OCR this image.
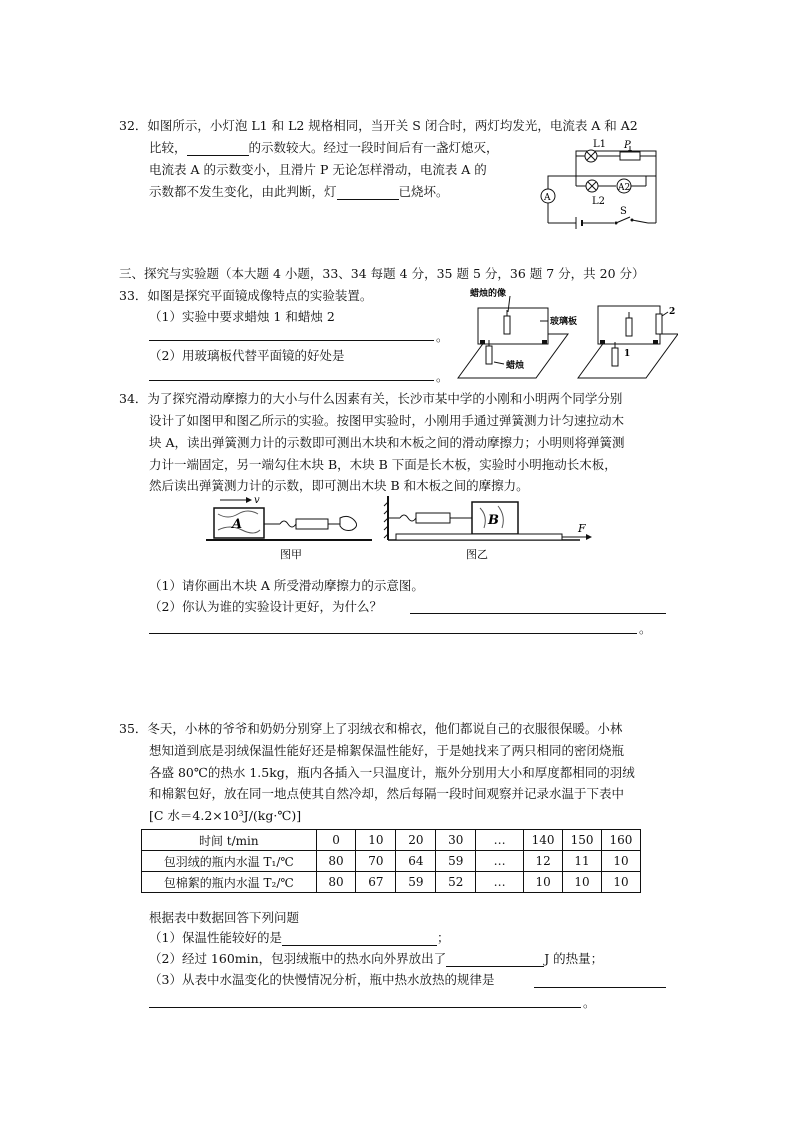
32．如图所示，小灯泡 L1 和 L2 规格相同，当开关 S 闭合时，两灯均发光，电流表 A 和 A2
比较，	的示数较大。经过一段时间后有一盏灯熄灭，
电流表 A 的示数变小，且滑片 P 无论怎样滑动，电流表 A 的
示数都不发生变化，由此判断，灯	已烧坏。
L1 P
A2
L2
A
S
三、探究与实验题（本大题 4 小题，33、34 每题 4 分，35 题 5 分，36 题 7 分，共 20 分）
33．如图是探究平面镜成像特点的实验装置。
（1）实验中要求蜡烛 1 和蜡烛 2
。
（2）用玻璃板代替平面镜的好处是
。
蜡烛的像
玻璃板
蜡烛
2
1
34．为了探究滑动摩擦力的大小与什么因素有关，长沙市某中学的小刚和小明两个同学分别
设计了如图甲和图乙所示的实验。按图甲实验时，小刚用手通过弹簧测力计匀速拉动木
块 A，读出弹簧测力计的示数即可测出木块和木板之间的滑动摩擦力；小明则将弹簧测
力计一端固定，另一端勾住木块 B，木块 B 下面是长木板，实验时小明拖动长木板，
然后读出弹簧测力计的示数，即可测出木块 B 和木板之间的摩擦力。
v
A
图甲
B
F
图乙
（1）请你画出木块 A 所受滑动摩擦力的示意图。
（2）你认为谁的实验设计更好，为什么？
。
35．冬天，小林的爷爷和奶奶分别穿上了羽绒衣和棉衣，他们都说自己的衣服很保暖。小林
想知道到底是羽绒保温性能好还是棉絮保温性能好，于是她找来了两只相同的密闭烧瓶
各盛 80℃的热水 1.5kg，瓶内各插入一只温度计，瓶外分别用大小和厚度都相同的羽绒
和棉絮包好，放在同一地点使其自然冷却，然后每隔一段时间观察并记录水温于下表中
[C 水＝4.2×10³J/(kg·℃)]
时间 t/min	0	10	20	30	…	140	150	160
包羽绒的瓶内水温 T₁/℃	80	70	64	59	…	12	11	10
包棉絮的瓶内水温 T₂/℃	80	67	59	52	…	10	10	10
根据表中数据回答下列问题
（1）保温性能较好的是	；
（2）经过 160min，包羽绒瓶中的热水向外界放出了	J 的热量；
（3）从表中水温变化的快慢情况分析，瓶中热水放热的规律是
。
